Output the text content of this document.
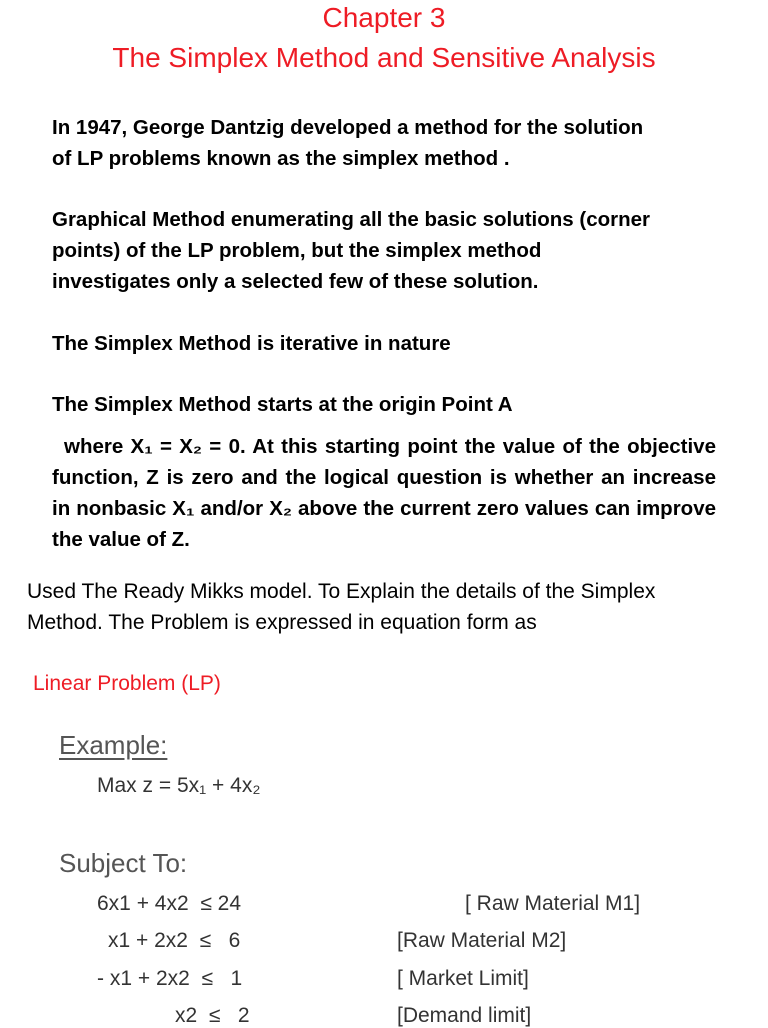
Chapter 3
The Simplex Method and Sensitive Analysis
In 1947, George Dantzig developed a method for the solution
of LP problems known as the simplex method .
Graphical Method enumerating all the basic solutions (corner
points) of the LP problem, but the simplex method
investigates only a selected few of these solution.
The Simplex Method is iterative in nature
The Simplex Method starts at the origin Point A
where X₁ = X₂ = 0. At this starting point the value of the objective function, Z is zero and the logical question is whether an increase in nonbasic X₁ and/or X₂ above the current zero values can improve the value of Z.
Used The Ready Mikks model. To Explain the details of the Simplex
Method. The Problem is expressed in equation form as
Linear Problem (LP)
Example:
Max z = 5x₁ + 4x₂
Subject To:
6x1 + 4x2  ≤ 24	[ Raw Material M1]
x1 + 2x2  ≤   6	[Raw Material M2]
- x1 + 2x2  ≤   1	[ Market Limit]
x2  ≤   2	[Demand limit]
